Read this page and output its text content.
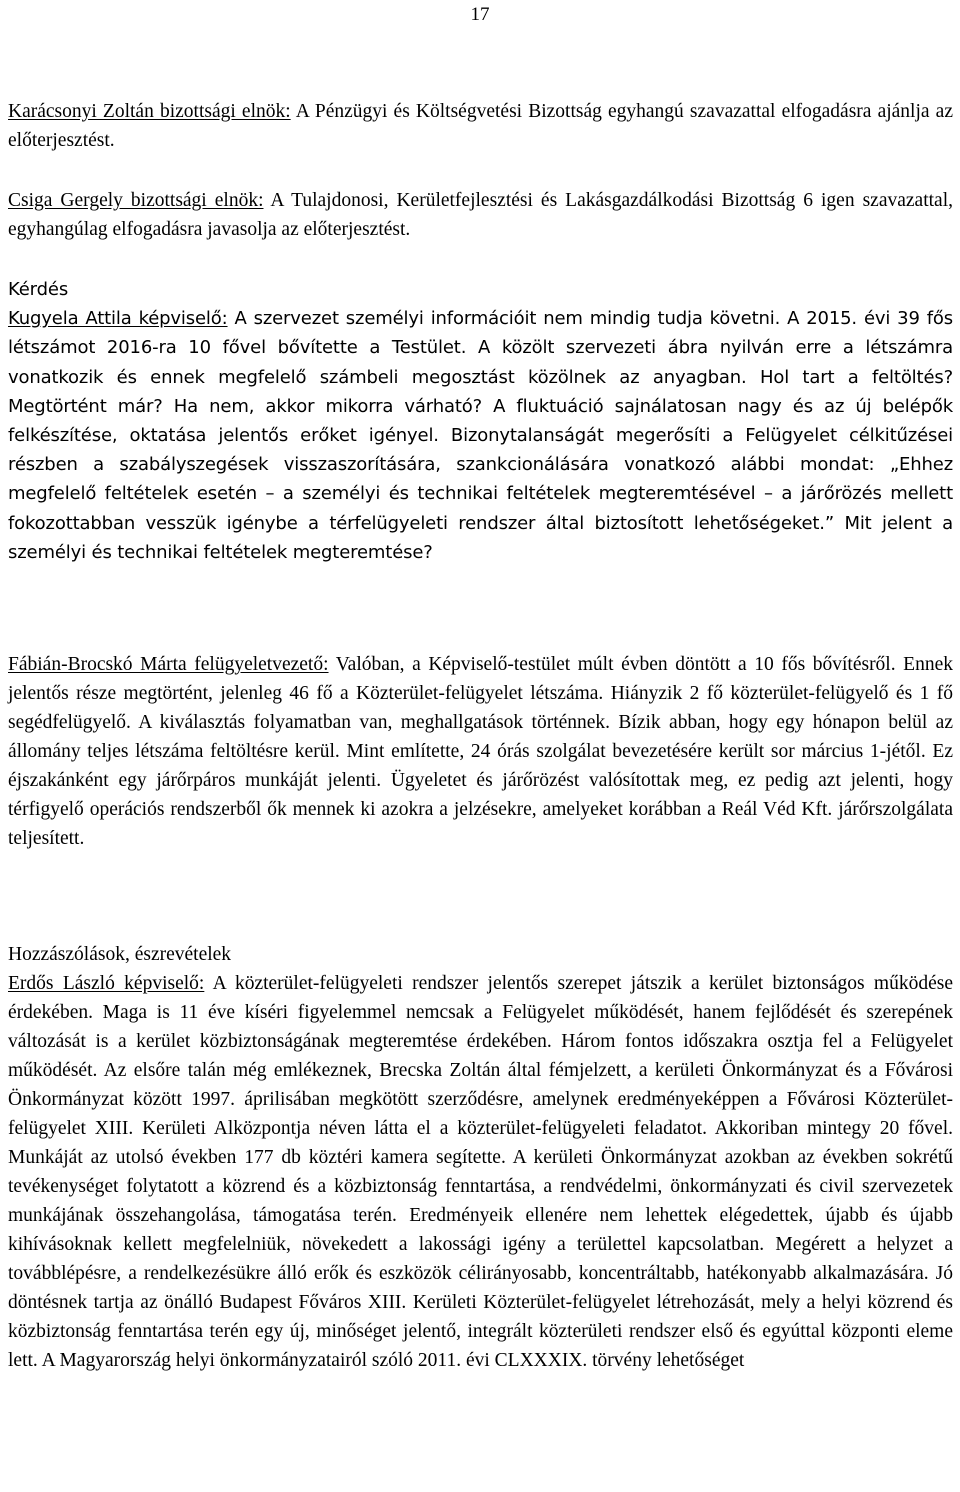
17

Karácsonyi Zoltán bizottsági elnök: A Pénzügyi és Költségvetési Bizottság egyhangú szavazattal elfogadásra ajánlja az előterjesztést.

Csiga Gergely bizottsági elnök: A Tulajdonosi, Kerületfejlesztési és Lakásgazdálkodási Bizottság 6 igen szavazattal, egyhangúlag elfogadásra javasolja az előterjesztést.

Kérdés
Kugyela Attila képviselő: A szervezet személyi információit nem mindig tudja követni. A 2015. évi 39 fős létszámot 2016-ra 10 fővel bővítette a Testület. A közölt szervezeti ábra nyilván erre a létszámra vonatkozik és ennek megfelelő számbeli megosztást közölnek az anyagban. Hol tart a feltöltés? Megtörtént már? Ha nem, akkor mikorra várható? A fluktuáció sajnálatosan nagy és az új belépők felkészítése, oktatása jelentős erőket igényel. Bizonytalanságát megerősíti a Felügyelet célkitűzései részben a szabályszegések visszaszorítására, szankcionálására vonatkozó alábbi mondat: „Ehhez megfelelő feltételek esetén – a személyi és technikai feltételek megteremtésével – a járőrözés mellett fokozottabban vesszük igénybe a térfelügyeleti rendszer által biztosított lehetőségeket.” Mit jelent a személyi és technikai feltételek megteremtése?

Fábián-Brocskó Márta felügyeletvezető: Valóban, a Képviselő-testület múlt évben döntött a 10 fős bővítésről. Ennek jelentős része megtörtént, jelenleg 46 fő a Közterület-felügyelet létszáma. Hiányzik 2 fő közterület-felügyelő és 1 fő segédfelügyelő. A kiválasztás folyamatban van, meghallgatások történnek. Bízik abban, hogy egy hónapon belül az állomány teljes létszáma feltöltésre kerül. Mint említette, 24 órás szolgálat bevezetésére került sor március 1-jétől. Ez éjszakánként egy járőrpáros munkáját jelenti. Ügyeletet és járőrözést valósítottak meg, ez pedig azt jelenti, hogy térfigyelő operációs rendszerből ők mennek ki azokra a jelzésekre, amelyeket korábban a Reál Véd Kft. járőrszolgálata teljesített.

Hozzászólások, észrevételek
Erdős László képviselő: A közterület-felügyeleti rendszer jelentős szerepet játszik a kerület biztonságos működése érdekében. Maga is 11 éve kíséri figyelemmel nemcsak a Felügyelet működését, hanem fejlődését és szerepének változását is a kerület közbiztonságának megteremtése érdekében. Három fontos időszakra osztja fel a Felügyelet működését. Az elsőre talán még emlékeznek, Brecska Zoltán által fémjelzett, a kerületi Önkormányzat és a Fővárosi Önkormányzat között 1997. áprilisában megkötött szerződésre, amelynek eredményeképpen a Fővárosi Közterület-felügyelet XIII. Kerületi Alközpontja néven látta el a közterület-felügyeleti feladatot. Akkoriban mintegy 20 fővel. Munkáját az utolsó években 177 db köztéri kamera segítette. A kerületi Önkormányzat azokban az években sokrétű tevékenységet folytatott a közrend és a közbiztonság fenntartása, a rendvédelmi, önkormányzati és civil szervezetek munkájának összehangolása, támogatása terén. Eredményeik ellenére nem lehettek elégedettek, újabb és újabb kihívásoknak kellett megfelelniük, növekedett a lakossági igény a területtel kapcsolatban. Megérett a helyzet a továbblépésre, a rendelkezésükre álló erők és eszközök célirányosabb, koncentráltabb, hatékonyabb alkalmazására. Jó döntésnek tartja az önálló Budapest Főváros XIII. Kerületi Közterület-felügyelet létrehozását, mely a helyi közrend és közbiztonság fenntartása terén egy új, minőséget jelentő, integrált közterületi rendszer első és egyúttal központi eleme lett. A Magyarország helyi önkormányzatairól szóló 2011. évi CLXXXIX. törvény lehetőséget
